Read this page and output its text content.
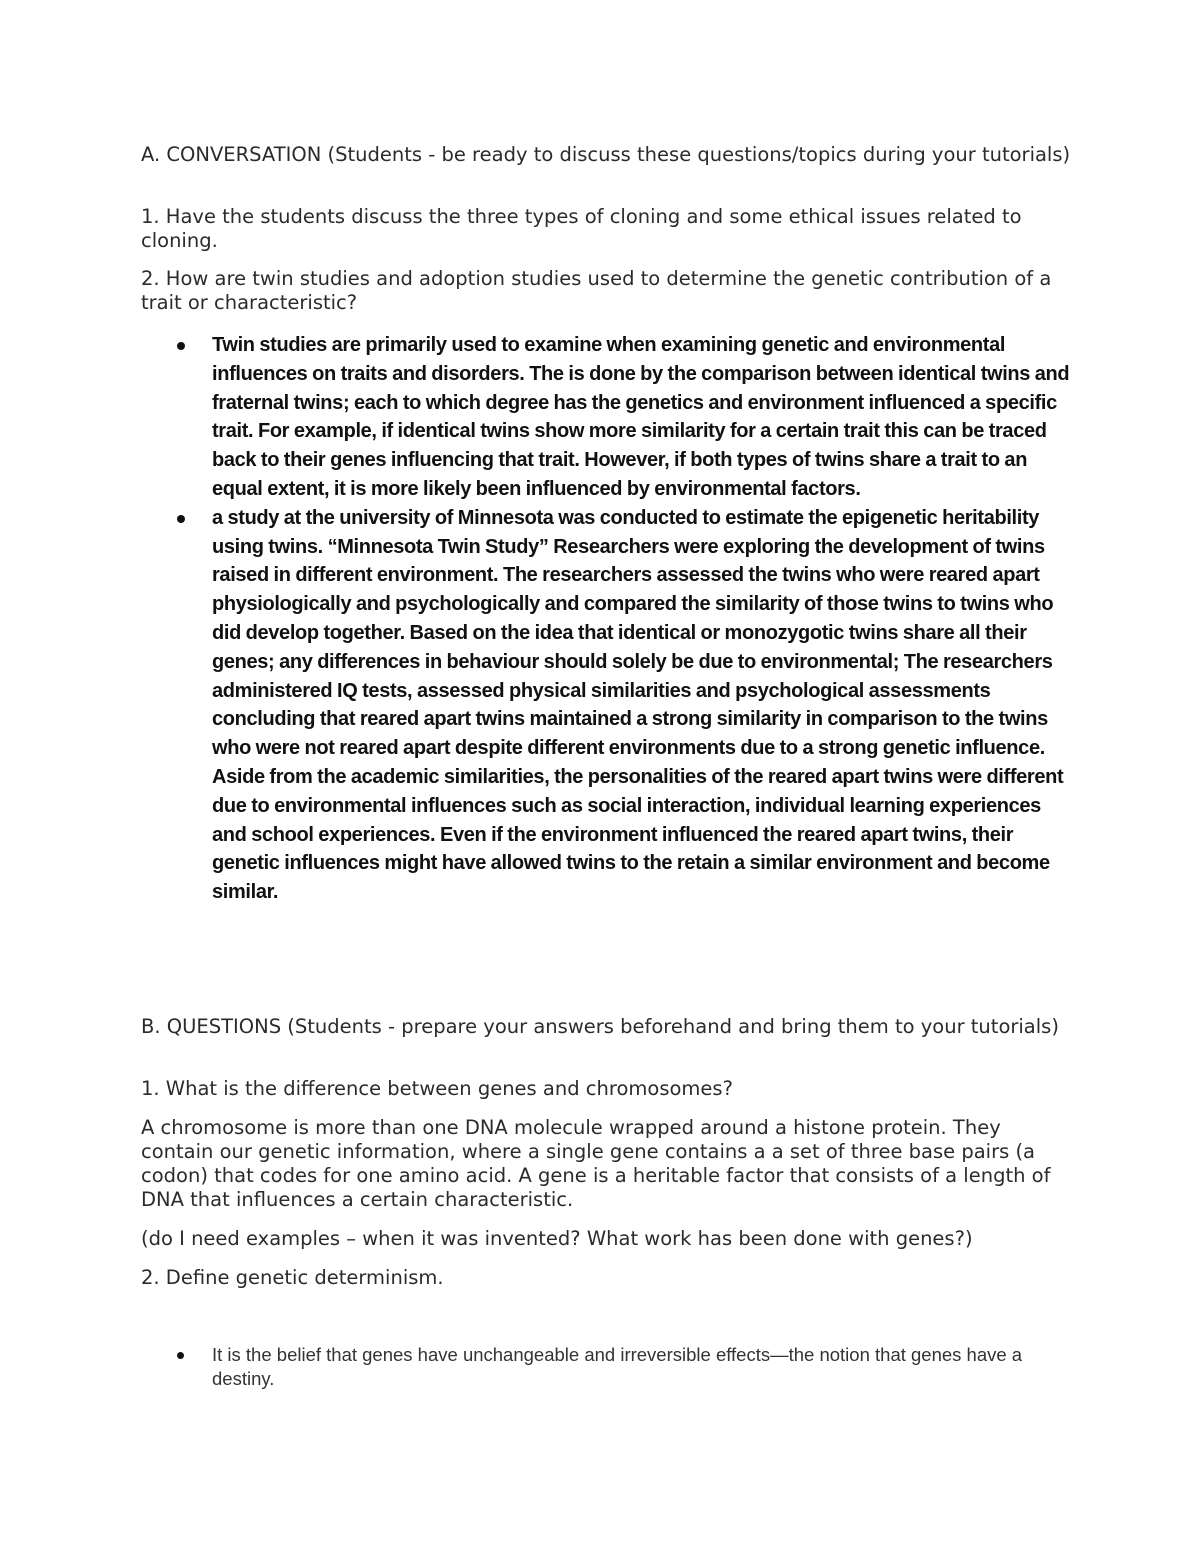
A. CONVERSATION (Students - be ready to discuss these questions/topics during your tutorials)

1. Have the students discuss the three types of cloning and some ethical issues related to cloning.

2. How are twin studies and adoption studies used to determine the genetic contribution of a trait or characteristic?

Twin studies are primarily used to examine when examining genetic and environmental influences on traits and disorders. The is done by the comparison between identical twins and fraternal twins; each to which degree has the genetics and environment influenced a specific trait. For example, if identical twins show more similarity for a certain trait this can be traced back to their genes influencing that trait. However, if both types of twins share a trait to an equal extent, it is more likely been influenced by environmental factors.
a study at the university of Minnesota was conducted to estimate the epigenetic heritability using twins. “Minnesota Twin Study” Researchers were exploring the development of twins raised in different environment. The researchers assessed the twins who were reared apart physiologically and psychologically and compared the similarity of those twins to twins who did develop together. Based on the idea that identical or monozygotic twins share all their genes; any differences in behaviour should solely be due to environmental; The researchers administered IQ tests, assessed physical similarities and psychological assessments concluding that reared apart twins maintained a strong similarity in comparison to the twins who were not reared apart despite different environments due to a strong genetic influence. Aside from the academic similarities, the personalities of the reared apart twins were different due to environmental influences such as social interaction, individual learning experiences and school experiences. Even if the environment influenced the reared apart twins, their genetic influences might have allowed twins to the retain a similar environment and become similar.

B. QUESTIONS (Students - prepare your answers beforehand and bring them to your tutorials)

1. What is the difference between genes and chromosomes?

A chromosome is more than one DNA molecule wrapped around a histone protein. They contain our genetic information, where a single gene contains a a set of three base pairs (a codon) that codes for one amino acid. A gene is a heritable factor that consists of a length of DNA that influences a certain characteristic.

(do I need examples – when it was invented? What work has been done with genes?)

2. Define genetic determinism.

It is the belief that genes have unchangeable and irreversible effects—the notion that genes have a destiny.
